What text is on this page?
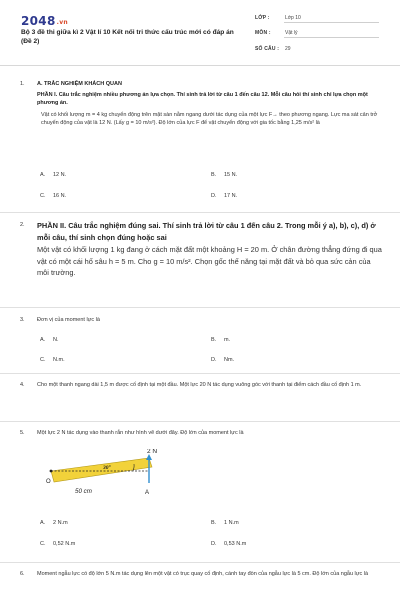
2048.vn
Bộ 3 đề thi giữa kì 2 Vật lí 10 Kết nối tri thức cấu trúc mới có đáp án (Đề 2)
LỚP :	Lớp 10
MÔN :	Vật lý
SỐ CÂU : 29
1. A. TRẮC NGHIỆM KHÁCH QUAN

PHẦN I. Câu trắc nghiệm nhiều phương án lựa chọn. Thí sinh trả lời từ câu 1 đến câu 12. Mỗi câu hỏi thí sinh chỉ lựa chọn một phương án.

Vật có khối lượng m = 4 kg chuyển động trên mặt sàn nằm ngang dưới tác dụng của một lực F→ theo phương ngang. Lực ma sát cản trở chuyển động của vật là 12 N. (Lấy g = 10 m/s²). Độ lớn của lực F để vật chuyển động với gia tốc bằng 1,25 m/s² là

A. 12 N.	B. 15 N.
C. 16 N.	D. 17 N.
2. PHẦN II. Câu trắc nghiệm đúng sai. Thí sinh trả lời từ câu 1 đến câu 2. Trong mỗi ý a), b), c), d) ở mỗi câu, thí sinh chọn đúng hoặc sai

Một vật có khối lượng 1 kg đang ở cách mặt đất một khoảng H = 20 m. Ở chân đường thẳng đứng đi qua vật có một cái hố sâu h = 5 m. Cho g = 10 m/s². Chọn gốc thế năng tại mặt đất và bỏ qua sức cản của môi trường.

3. Đơn vị của moment lực là

A. N.	B. m.
C. N.m.	D. Nm.
4. Cho một thanh ngang dài 1,5 m được cố định tại một đầu. Một lực 20 N tác dụng vuông góc với thanh tại điểm cách đầu cố định 1 m.

5. Một lực 2 N tác dụng vào thanh rắn như hình vẽ dưới đây. Độ lớn của moment lực là

O
30°
2 N
50 cm	A
A. 2 N.m	B. 1 N.m
C. 0,52 N.m	D. 0,53 N.m
6. Moment ngẫu lực có độ lớn 5 N.m tác dụng lên một vật có trục quay cố định, cánh tay đòn của ngẫu lực là 5 cm. Độ lớn của ngẫu lực là
